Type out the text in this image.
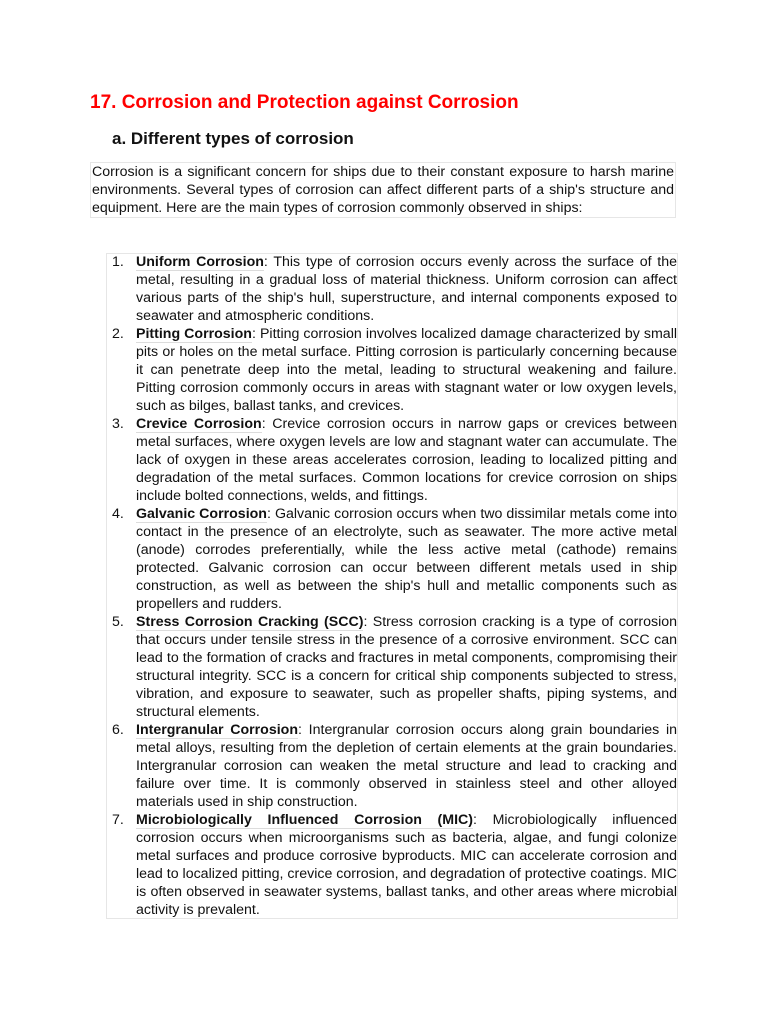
17. Corrosion and Protection against Corrosion
a. Different types of corrosion

Corrosion is a significant concern for ships due to their constant exposure to harsh marine environments. Several types of corrosion can affect different parts of a ship's structure and equipment. Here are the main types of corrosion commonly observed in ships:

1. Uniform Corrosion: This type of corrosion occurs evenly across the surface of the metal, resulting in a gradual loss of material thickness. Uniform corrosion can affect various parts of the ship's hull, superstructure, and internal components exposed to seawater and atmospheric conditions.
2. Pitting Corrosion: Pitting corrosion involves localized damage characterized by small pits or holes on the metal surface. Pitting corrosion is particularly concerning because it can penetrate deep into the metal, leading to structural weakening and failure. Pitting corrosion commonly occurs in areas with stagnant water or low oxygen levels, such as bilges, ballast tanks, and crevices.
3. Crevice Corrosion: Crevice corrosion occurs in narrow gaps or crevices between metal surfaces, where oxygen levels are low and stagnant water can accumulate. The lack of oxygen in these areas accelerates corrosion, leading to localized pitting and degradation of the metal surfaces. Common locations for crevice corrosion on ships include bolted connections, welds, and fittings.
4. Galvanic Corrosion: Galvanic corrosion occurs when two dissimilar metals come into contact in the presence of an electrolyte, such as seawater. The more active metal (anode) corrodes preferentially, while the less active metal (cathode) remains protected. Galvanic corrosion can occur between different metals used in ship construction, as well as between the ship's hull and metallic components such as propellers and rudders.
5. Stress Corrosion Cracking (SCC): Stress corrosion cracking is a type of corrosion that occurs under tensile stress in the presence of a corrosive environment. SCC can lead to the formation of cracks and fractures in metal components, compromising their structural integrity. SCC is a concern for critical ship components subjected to stress, vibration, and exposure to seawater, such as propeller shafts, piping systems, and structural elements.
6. Intergranular Corrosion: Intergranular corrosion occurs along grain boundaries in metal alloys, resulting from the depletion of certain elements at the grain boundaries. Intergranular corrosion can weaken the metal structure and lead to cracking and failure over time. It is commonly observed in stainless steel and other alloyed materials used in ship construction.
7. Microbiologically Influenced Corrosion (MIC): Microbiologically influenced corrosion occurs when microorganisms such as bacteria, algae, and fungi colonize metal surfaces and produce corrosive byproducts. MIC can accelerate corrosion and lead to localized pitting, crevice corrosion, and degradation of protective coatings. MIC is often observed in seawater systems, ballast tanks, and other areas where microbial activity is prevalent.
